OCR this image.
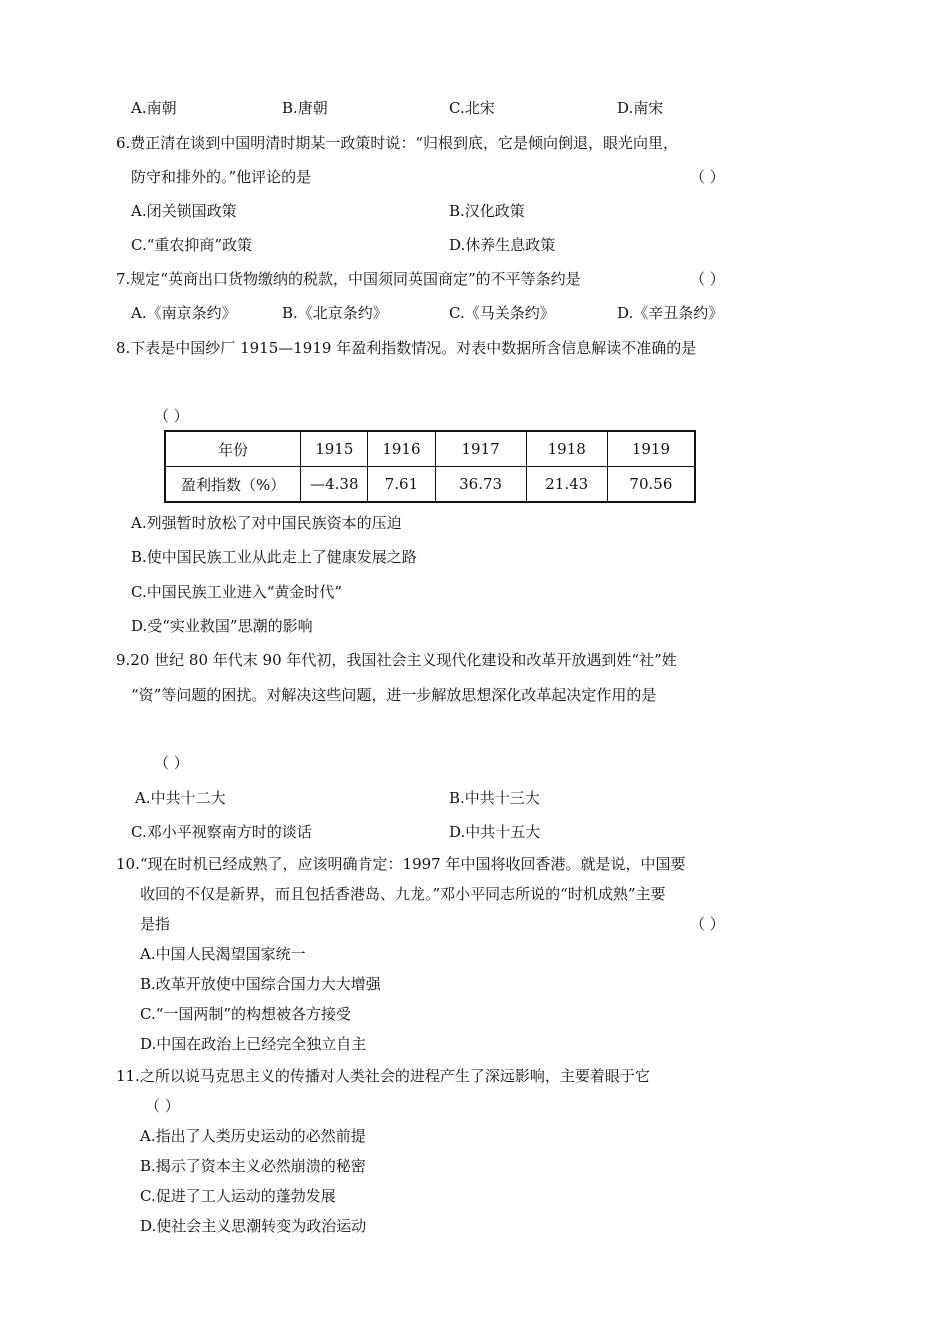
A.南朝	B.唐朝	C.北宋	D.南宋
6.费正清在谈到中国明清时期某一政策时说：“归根到底，它是倾向倒退，眼光向里，
防守和排外的。”他评论的是	（ ）
A.闭关锁国政策	B.汉化政策
C.“重农抑商”政策	D.休养生息政策
7.规定“英商出口货物缴纳的税款，中国须同英国商定”的不平等条约是	（ ）
A.《南京条约》	B.《北京条约》	C.《马关条约》	D.《辛丑条约》
8.下表是中国纱厂 1915—1919 年盈利指数情况。对表中数据所含信息解读不准确的是
（ ）
年份	1915	1916	1917	1918	1919
盈利指数（%）	—4.38	7.61	36.73	21.43	70.56
A.列强暂时放松了对中国民族资本的压迫
B.使中国民族工业从此走上了健康发展之路
C.中国民族工业进入“黄金时代”
D.受“实业救国”思潮的影响
9.20 世纪 80 年代末 90 年代初，我国社会主义现代化建设和改革开放遇到姓“社”姓
“资”等问题的困扰。对解决这些问题，进一步解放思想深化改革起决定作用的是
（ ）
A.中共十二大	B.中共十三大
C.邓小平视察南方时的谈话	D.中共十五大
10.“现在时机已经成熟了，应该明确肯定：1997 年中国将收回香港。就是说，中国要
收回的不仅是新界，而且包括香港岛、九龙。”邓小平同志所说的“时机成熟”主要
是指	（ ）
A.中国人民渴望国家统一
B.改革开放使中国综合国力大大增强
C.“一国两制”的构想被各方接受
D.中国在政治上已经完全独立自主
11.之所以说马克思主义的传播对人类社会的进程产生了深远影响，主要着眼于它
（ ）
A.指出了人类历史运动的必然前提
B.揭示了资本主义必然崩溃的秘密
C.促进了工人运动的蓬勃发展
D.使社会主义思潮转变为政治运动
